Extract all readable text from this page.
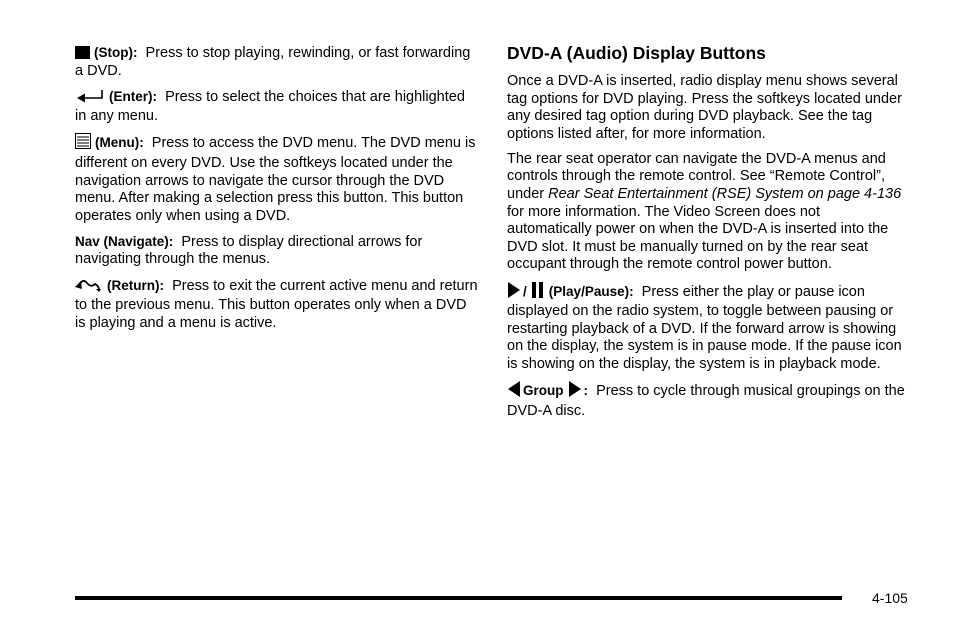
(Stop): Press to stop playing, rewinding, or fast forwarding a DVD.

(Enter): Press to select the choices that are highlighted in any menu.

(Menu): Press to access the DVD menu. The DVD menu is different on every DVD. Use the softkeys located under the navigation arrows to navigate the cursor through the DVD menu. After making a selection press this button. This button operates only when using a DVD.

Nav (Navigate): Press to display directional arrows for navigating through the menus.

(Return): Press to exit the current active menu and return to the previous menu. This button operates only when a DVD is playing and a menu is active.

DVD-A (Audio) Display Buttons

Once a DVD-A is inserted, radio display menu shows several tag options for DVD playing. Press the softkeys located under any desired tag option during DVD playback. See the tag options listed after, for more information.

The rear seat operator can navigate the DVD-A menus and controls through the remote control. See “Remote Control”, under Rear Seat Entertainment (RSE) System on page 4-136 for more information. The Video Screen does not automatically power on when the DVD-A is inserted into the DVD slot. It must be manually turned on by the rear seat occupant through the remote control power button.

/ (Play/Pause): Press either the play or pause icon displayed on the radio system, to toggle between pausing or restarting playback of a DVD. If the forward arrow is showing on the display, the system is in pause mode. If the pause icon is showing on the display, the system is in playback mode.

Group : Press to cycle through musical groupings on the DVD-A disc.

4-105
